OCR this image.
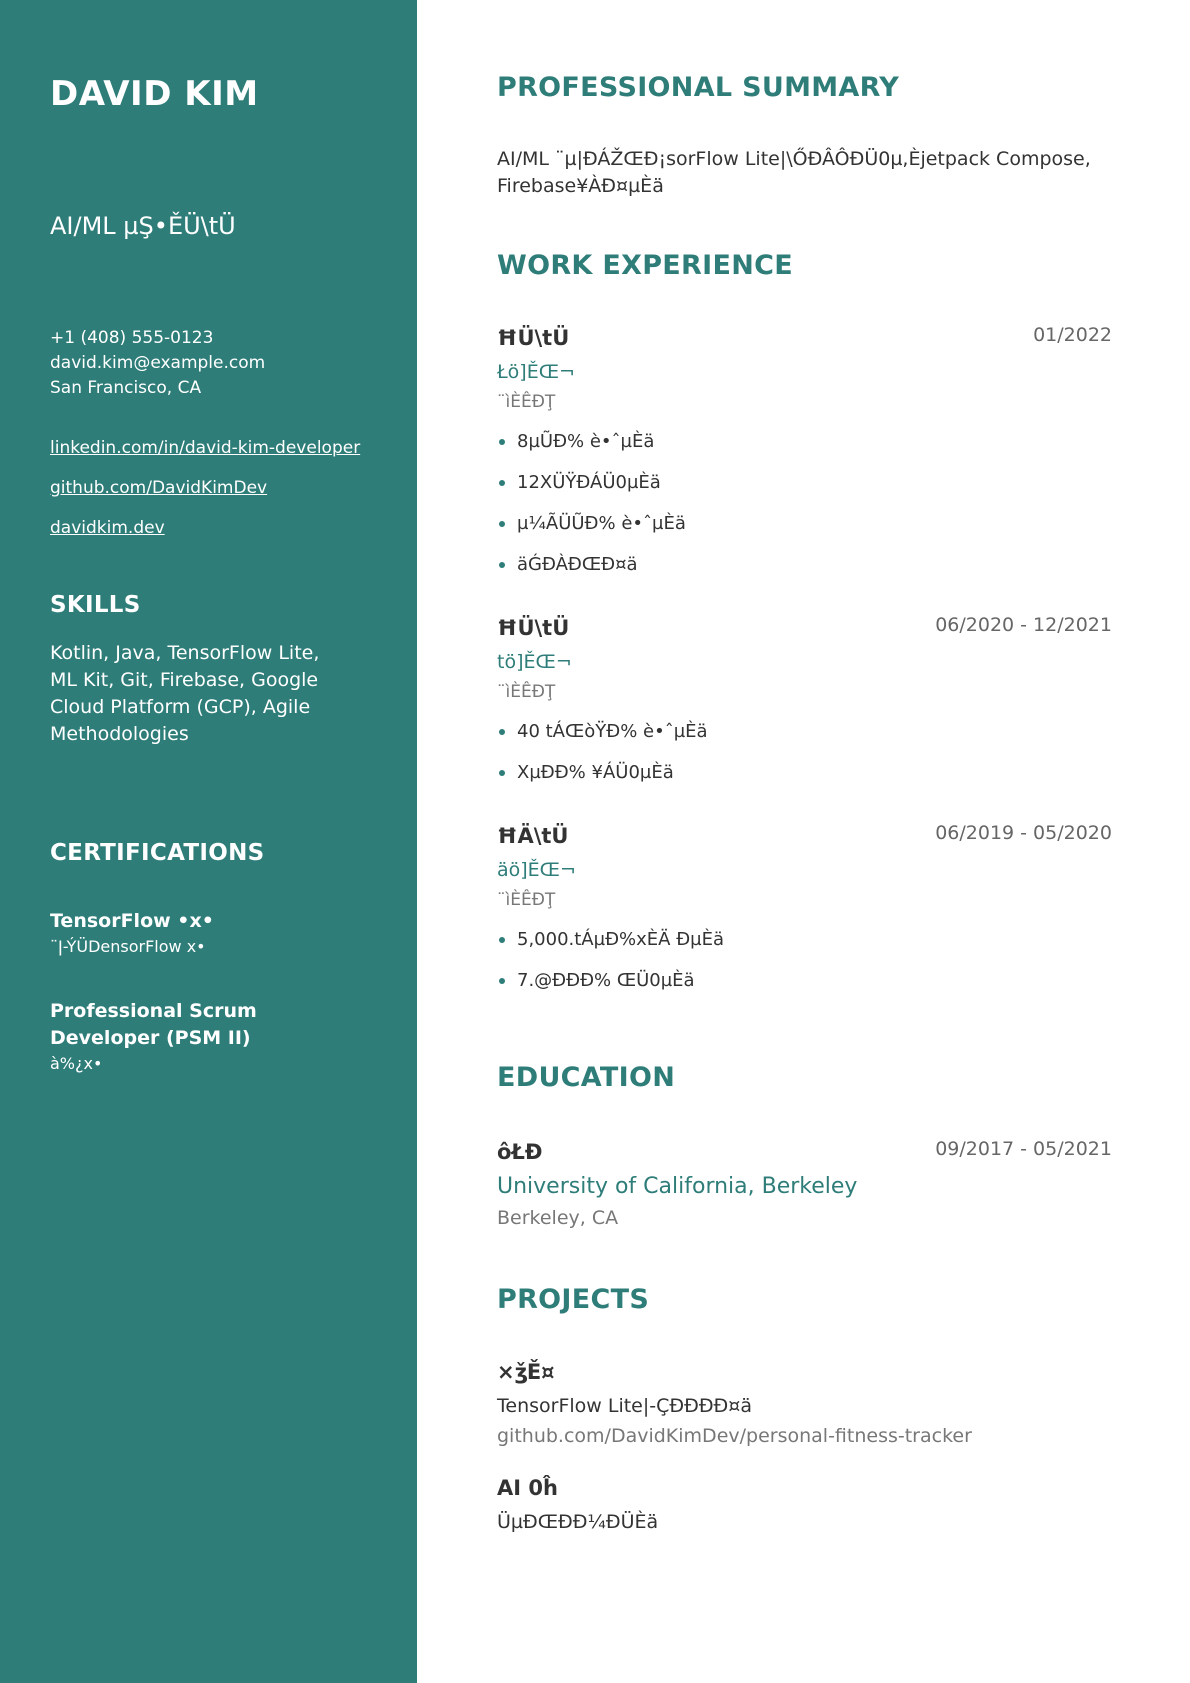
DAVID KIM
AI/ML µŞ•ĚÜ\tÜ
+1 (408) 555-0123
david.kim@example.com
San Francisco, CA
linkedin.com/in/david-kim-developer
github.com/DavidKimDev
davidkim.dev
SKILLS

Kotlin, Java, TensorFlow Lite, ML Kit, Git, Firebase, Google Cloud Platform (GCP), Agile Methodologies

CERTIFICATIONS
TensorFlow •x•
¨ǀ-ÝÜDensorFlow x•
Professional Scrum Developer (PSM II)
à%¿x•
PROFESSIONAL SUMMARY

AI/ML ¨µ|ÐÁŽŒÐ¡sorFlow Lite|\ŐÐÂÔÐÜ0µ,Èjetpack Compose, Firebase¥ÀÐ¤µÈä

WORK EXPERIENCE
ĦÜ\tÜ	01/2022
Łö]ĚŒ¬
¨ìÈÊÐŢ
8µŨÐ% è•ˆµÈä
12XÜŸÐÁÜ0µÈä
µ¼ÃÜŨÐ% è•ˆµÈä
äǴÐÀÐŒÐ¤ä
ĦÜ\tÜ	06/2020 - 12/2021
tö]ĚŒ¬
¨ìÈÊÐŢ
40 tÁŒòŸÐ% è•ˆµÈä
XµÐĐ% ¥ÁÜ0µÈä
ĦÄ\tÜ	06/2019 - 05/2020
äö]ĚŒ¬
¨ìÈÊÐŢ
5,000.tÁµÐ%xÈÄ ÐµÈä
7.@ÐÐÐ% ŒÜ0µÈä
EDUCATION
ôŁÐ	09/2017 - 05/2021
University of California, Berkeley
Berkeley, CA
PROJECTS
×ǯĚ¤
TensorFlow Lite|-ÇÐÐÐÐ¤ä
github.com/DavidKimDev/personal-fitness-tracker
AI 0ĥ
ÜµÐŒÐÐ¼ÐÜÈä
